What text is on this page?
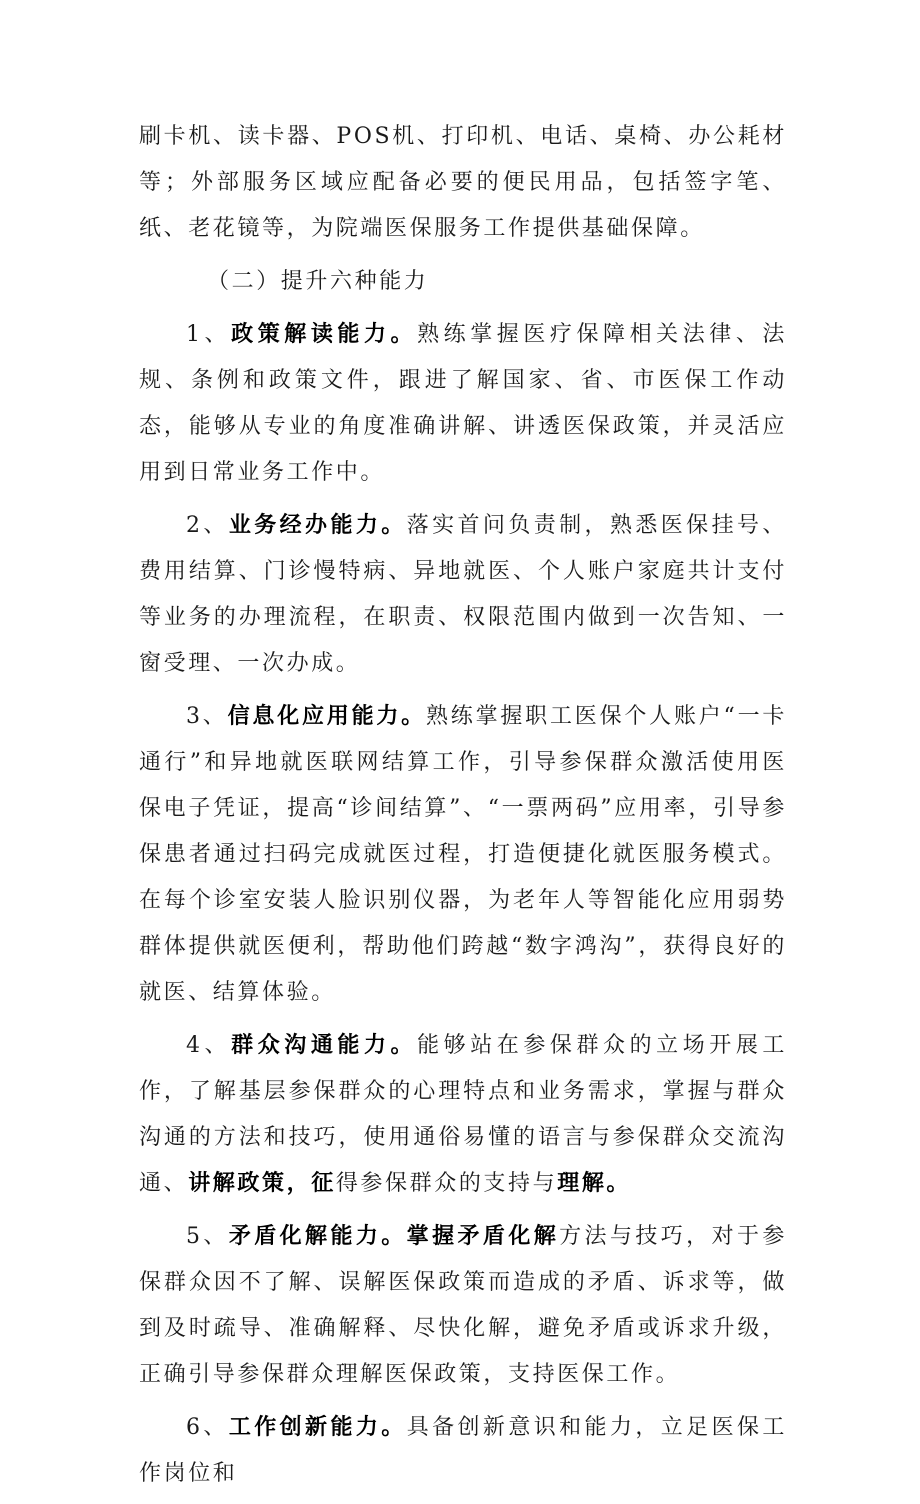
刷卡机、读卡器、POS机、打印机、电话、桌椅、办公耗材等；外部服务区域应配备必要的便民用品，包括签字笔、纸、老花镜等，为院端医保服务工作提供基础保障。

（二）提升六种能力

1、政策解读能力。熟练掌握医疗保障相关法律、法规、条例和政策文件，跟进了解国家、省、市医保工作动态，能够从专业的角度准确讲解、讲透医保政策，并灵活应用到日常业务工作中。

2、业务经办能力。落实首问负责制，熟悉医保挂号、费用结算、门诊慢特病、异地就医、个人账户家庭共计支付等业务的办理流程，在职责、权限范围内做到一次告知、一窗受理、一次办成。

3、信息化应用能力。熟练掌握职工医保个人账户“一卡通行”和异地就医联网结算工作，引导参保群众激活使用医保电子凭证，提高“诊间结算”、“一票两码”应用率，引导参保患者通过扫码完成就医过程，打造便捷化就医服务模式。在每个诊室安装人脸识别仪器，为老年人等智能化应用弱势群体提供就医便利，帮助他们跨越“数字鸿沟”，获得良好的就医、结算体验。

4、群众沟通能力。能够站在参保群众的立场开展工作，了解基层参保群众的心理特点和业务需求，掌握与群众沟通的方法和技巧，使用通俗易懂的语言与参保群众交流沟通、讲解政策，征得参保群众的支持与理解。

5、矛盾化解能力。掌握矛盾化解方法与技巧，对于参保群众因不了解、误解医保政策而造成的矛盾、诉求等，做到及时疏导、准确解释、尽快化解，避免矛盾或诉求升级，正确引导参保群众理解医保政策，支持医保工作。

6、工作创新能力。具备创新意识和能力，立足医保工作岗位和
